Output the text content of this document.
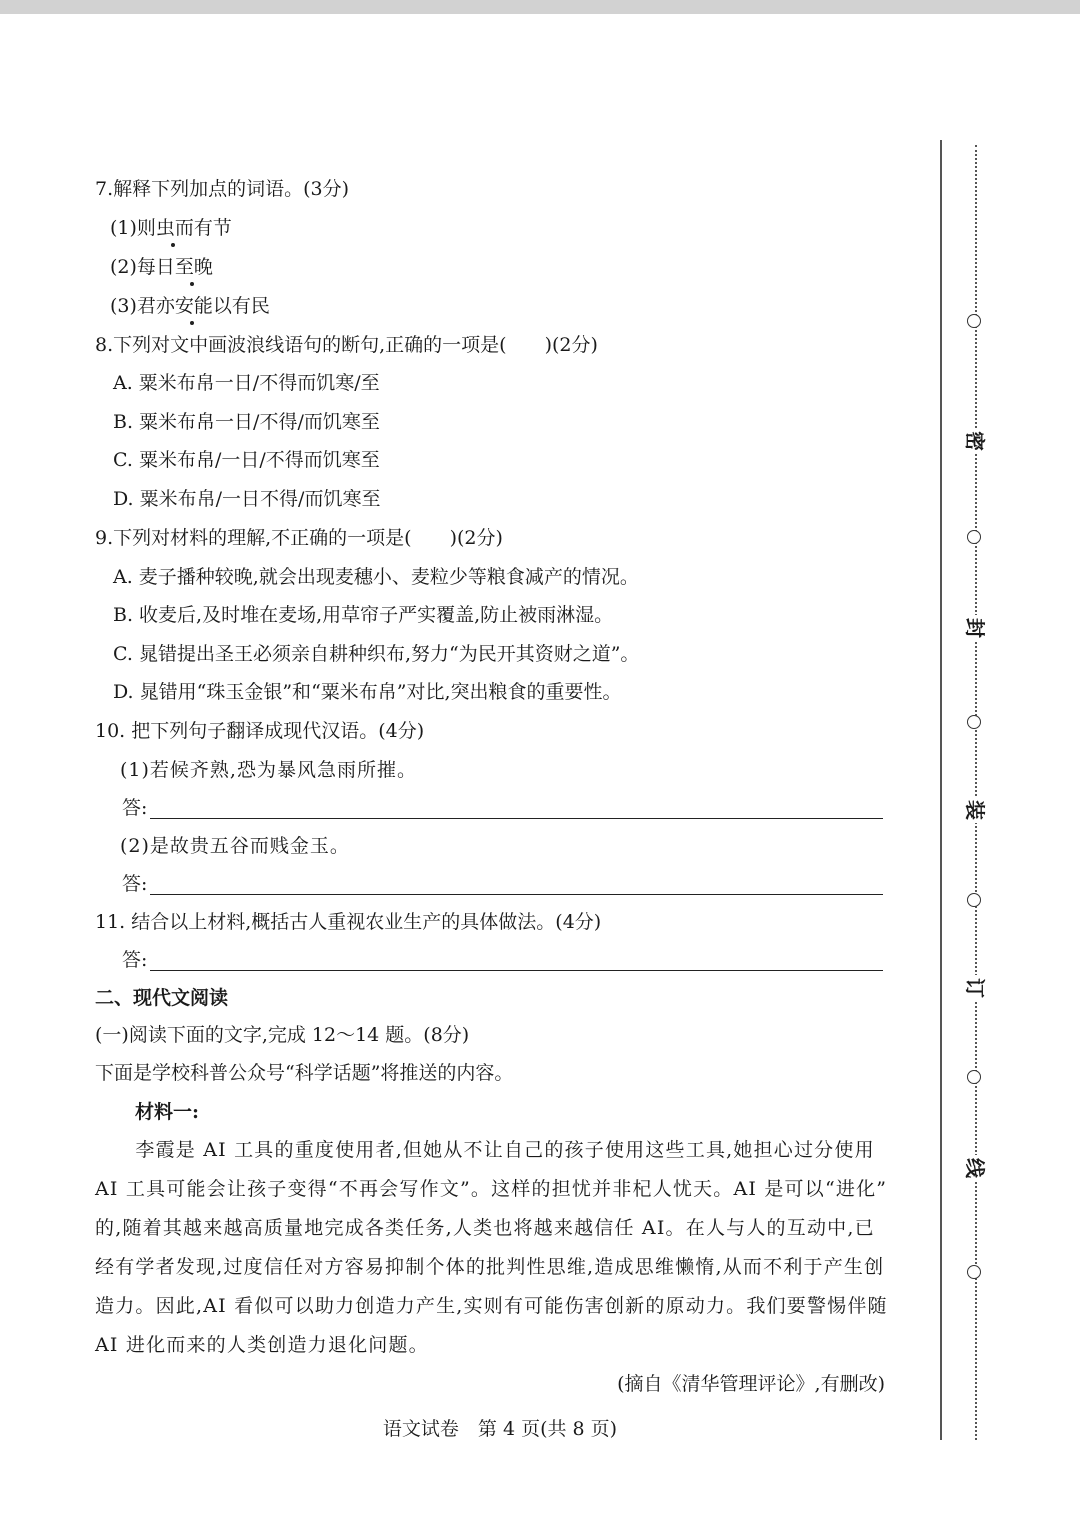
7.解释下列加点的词语。(3分)
(1)则虫而有节
(2)每日至晚
(3)君亦安能以有民
8.下列对文中画波浪线语句的断句,正确的一项是(　　)(2分)
A. 粟米布帛一日/不得而饥寒/至
B. 粟米布帛一日/不得/而饥寒至
C. 粟米布帛/一日/不得而饥寒至
D. 粟米布帛/一日不得/而饥寒至
9.下列对材料的理解,不正确的一项是(　　)(2分)
A. 麦子播种较晚,就会出现麦穗小、麦粒少等粮食减产的情况。
B. 收麦后,及时堆在麦场,用草帘子严实覆盖,防止被雨淋湿。
C. 晁错提出圣王必须亲自耕种织布,努力“为民开其资财之道”。
D. 晁错用“珠玉金银”和“粟米布帛”对比,突出粮食的重要性。
10. 把下列句子翻译成现代汉语。(4分)
(1)若候齐熟,恐为暴风急雨所摧。
答:
(2)是故贵五谷而贱金玉。
答:
11. 结合以上材料,概括古人重视农业生产的具体做法。(4分)
答:
二、现代文阅读
(一)阅读下面的文字,完成 12～14 题。(8分)
下面是学校科普公众号“科学话题”将推送的内容。
材料一:
　　李霞是 AI 工具的重度使用者,但她从不让自己的孩子使用这些工具,她担心过分使用
AI 工具可能会让孩子变得“不再会写作文”。这样的担忧并非杞人忧天。AI 是可以“进化”
的,随着其越来越高质量地完成各类任务,人类也将越来越信任 AI。在人与人的互动中,已
经有学者发现,过度信任对方容易抑制个体的批判性思维,造成思维懒惰,从而不利于产生创
造力。因此,AI 看似可以助力创造力产生,实则有可能伤害创新的原动力。我们要警惕伴随
AI 进化而来的人类创造力退化问题。
(摘自《清华管理评论》,有删改)
语文试卷　第 4 页(共 8 页)
密
封
装
订
线
